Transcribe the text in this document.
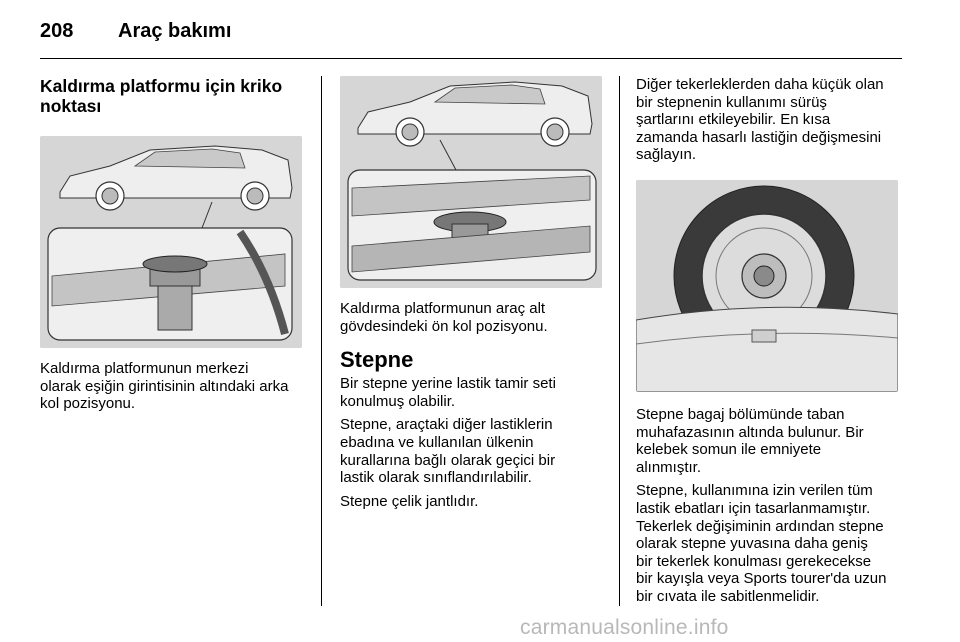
208 Araç bakımı
Kaldırma platformu için kriko
noktası

Kaldırma platformunun merkezi
olarak eşiğin girintisinin altındaki arka
kol pozisyonu.

Kaldırma platformunun araç alt
gövdesindeki ön kol pozisyonu.

Stepne

Bir stepne yerine lastik tamir seti
konulmuş olabilir.

Stepne, araçtaki diğer lastiklerin
ebadına ve kullanılan ülkenin
kurallarına bağlı olarak geçici bir
lastik olarak sınıflandırılabilir.

Stepne çelik jantlıdır.

Diğer tekerleklerden daha küçük olan
bir stepnenin kullanımı sürüş
şartlarını etkileyebilir. En kısa
zamanda hasarlı lastiğin değişmesini
sağlayın.

Stepne bagaj bölümünde taban
muhafazasının altında bulunur. Bir
kelebek somun ile emniyete
alınmıştır.

Stepne, kullanımına izin verilen tüm
lastik ebatları için tasarlanmamıştır.
Tekerlek değişiminin ardından stepne
olarak stepne yuvasına daha geniş
bir tekerlek konulması gerekecekse
bir kayışla veya Sports tourer'da uzun
bir cıvata ile sabitlenmelidir.

carmanualsonline.info
